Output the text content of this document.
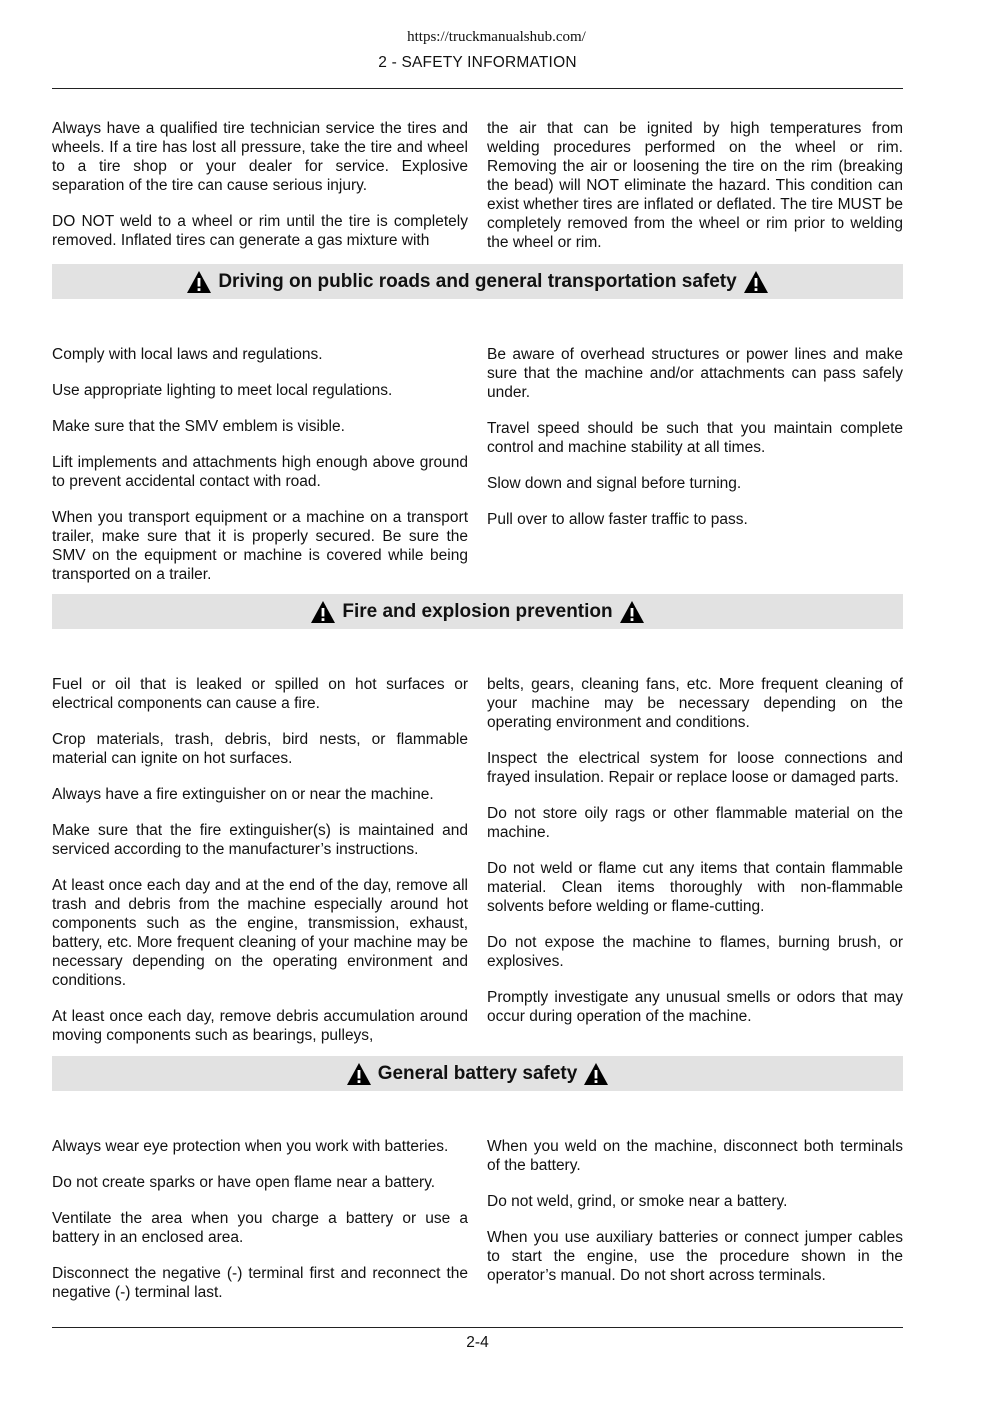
https://truckmanualshub.com/
2 - SAFETY INFORMATION

Always have a qualified tire technician service the tires and wheels. If a tire has lost all pressure, take the tire and wheel to a tire shop or your dealer for service. Explosive separation of the tire can cause serious injury.

DO NOT weld to a wheel or rim until the tire is completely removed. Inflated tires can generate a gas mixture with

the air that can be ignited by high temperatures from welding procedures performed on the wheel or rim. Removing the air or loosening the tire on the rim (breaking the bead) will NOT eliminate the hazard. This condition can exist whether tires are inflated or deflated. The tire MUST be completely removed from the wheel or rim prior to welding the wheel or rim.

Driving on public roads and general transportation safety

Comply with local laws and regulations.

Use appropriate lighting to meet local regulations.

Make sure that the SMV emblem is visible.

Lift implements and attachments high enough above ground to prevent accidental contact with road.

When you transport equipment or a machine on a transport trailer, make sure that it is properly secured. Be sure the SMV on the equipment or machine is covered while being transported on a trailer.

Be aware of overhead structures or power lines and make sure that the machine and/or attachments can pass safely under.

Travel speed should be such that you maintain complete control and machine stability at all times.

Slow down and signal before turning.

Pull over to allow faster traffic to pass.

Fire and explosion prevention

Fuel or oil that is leaked or spilled on hot surfaces or electrical components can cause a fire.

Crop materials, trash, debris, bird nests, or flammable material can ignite on hot surfaces.

Always have a fire extinguisher on or near the machine.

Make sure that the fire extinguisher(s) is maintained and serviced according to the manufacturer’s instructions.

At least once each day and at the end of the day, remove all trash and debris from the machine especially around hot components such as the engine, transmission, exhaust, battery, etc. More frequent cleaning of your machine may be necessary depending on the operating environment and conditions.

At least once each day, remove debris accumulation around moving components such as bearings, pulleys,

belts, gears, cleaning fans, etc. More frequent cleaning of your machine may be necessary depending on the operating environment and conditions.

Inspect the electrical system for loose connections and frayed insulation. Repair or replace loose or damaged parts.

Do not store oily rags or other flammable material on the machine.

Do not weld or flame cut any items that contain flammable material. Clean items thoroughly with non-flammable solvents before welding or flame-cutting.

Do not expose the machine to flames, burning brush, or explosives.

Promptly investigate any unusual smells or odors that may occur during operation of the machine.

General battery safety

Always wear eye protection when you work with batteries.

Do not create sparks or have open flame near a battery.

Ventilate the area when you charge a battery or use a battery in an enclosed area.

Disconnect the negative (-) terminal first and reconnect the negative (-) terminal last.

When you weld on the machine, disconnect both terminals of the battery.

Do not weld, grind, or smoke near a battery.

When you use auxiliary batteries or connect jumper cables to start the engine, use the procedure shown in the operator’s manual. Do not short across terminals.

2-4
